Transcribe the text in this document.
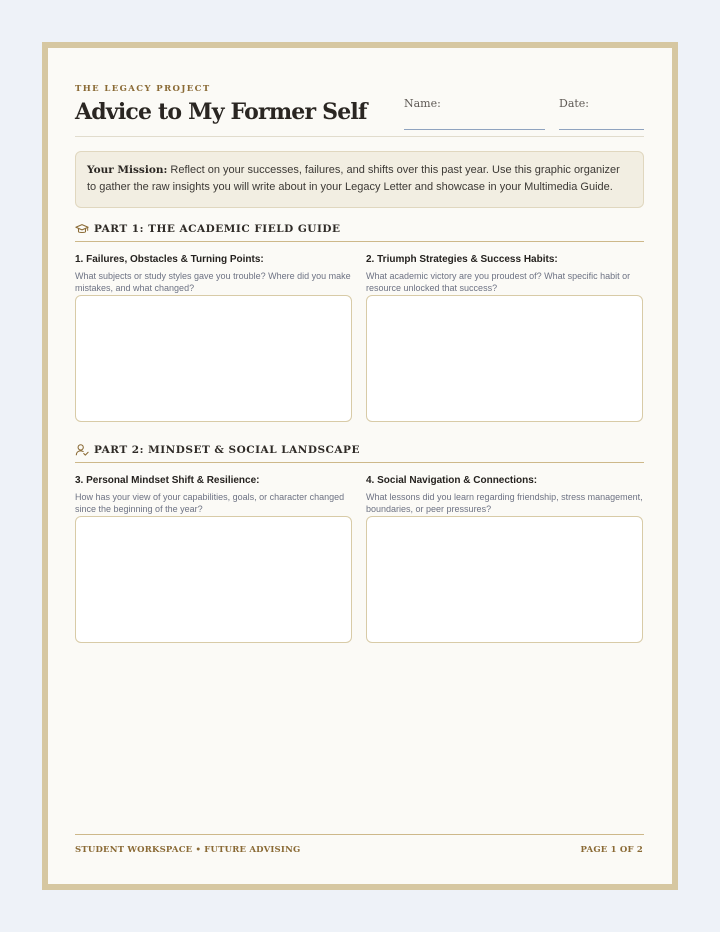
THE LEGACY PROJECT
Advice to My Former Self	Name:	Date:
Your Mission: Reflect on your successes, failures, and shifts over this past year. Use this graphic organizer to gather the raw insights you will write about in your Legacy Letter and showcase in your Multimedia Guide.
PART 1: THE ACADEMIC FIELD GUIDE
1. Failures, Obstacles & Turning Points:
What subjects or study styles gave you trouble? Where did you make mistakes, and what changed?
2. Triumph Strategies & Success Habits:
What academic victory are you proudest of? What specific habit or resource unlocked that success?
PART 2: MINDSET & SOCIAL LANDSCAPE
3. Personal Mindset Shift & Resilience:
How has your view of your capabilities, goals, or character changed since the beginning of the year?
4. Social Navigation & Connections:
What lessons did you learn regarding friendship, stress management, boundaries, or peer pressures?
STUDENT WORKSPACE • FUTURE ADVISING	PAGE 1 OF 2
